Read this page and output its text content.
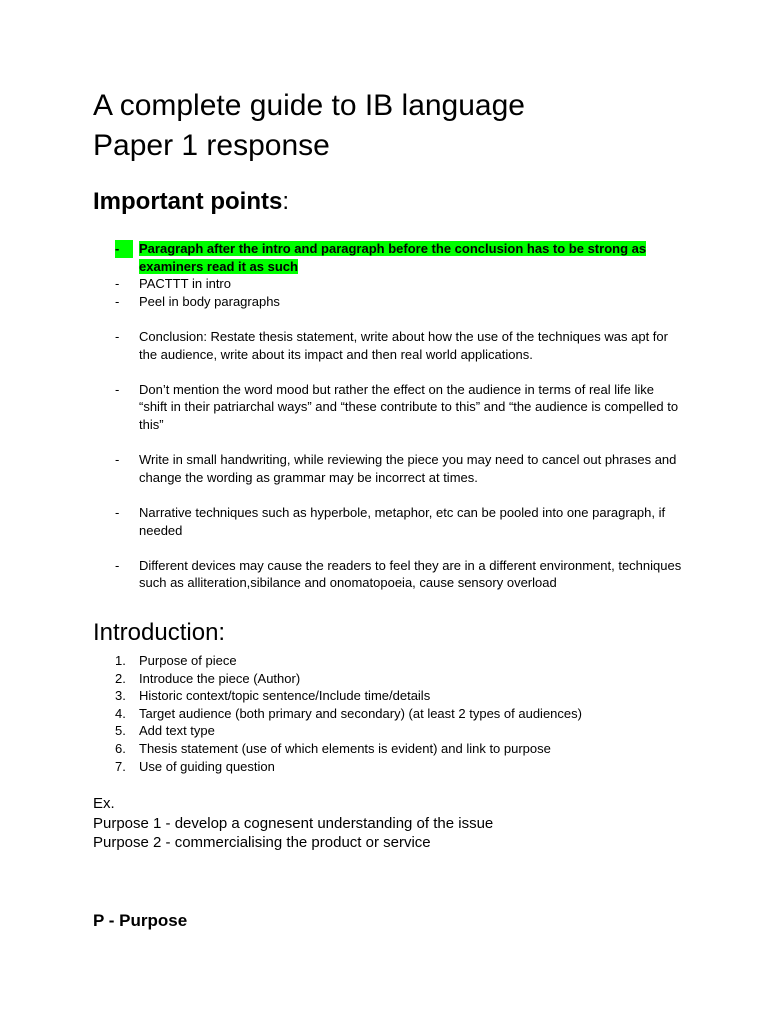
A complete guide to IB language
Paper 1 response
Important points:
-	Paragraph after the intro and paragraph before the conclusion has to be strong as examiners read it as such
- PACTTT in intro
- Peel in body paragraphs
- Conclusion: Restate thesis statement, write about how the use of the techniques was apt for the audience, write about its impact and then real world applications.
- Don’t mention the word mood but rather the effect on the audience in terms of real life like “shift in their patriarchal ways” and “these contribute to this” and “the audience is compelled to this”
- Write in small handwriting, while reviewing the piece you may need to cancel out phrases and change the wording as grammar may be incorrect at times.
- Narrative techniques such as hyperbole, metaphor, etc can be pooled into one paragraph, if needed
- Different devices may cause the readers to feel they are in a different environment, techniques such as alliteration,sibilance and onomatopoeia, cause sensory overload
Introduction:
1. Purpose of piece
2. Introduce the piece (Author)
3. Historic context/topic sentence/Include time/details
4. Target audience (both primary and secondary) (at least 2 types of audiences)
5. Add text type
6. Thesis statement (use of which elements is evident) and link to purpose
7. Use of guiding question
Ex.
Purpose 1 - develop a cognesent understanding of the issue
Purpose 2 - commercialising the product or service
P - Purpose
